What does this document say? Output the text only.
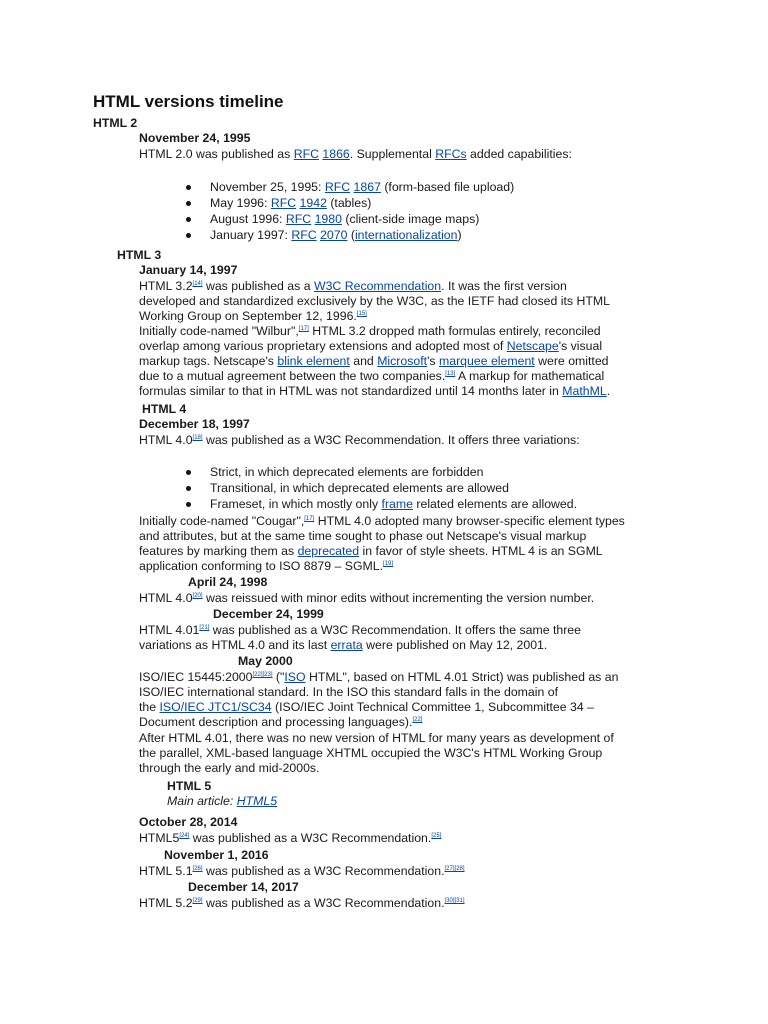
HTML versions timeline
HTML 2
November 24, 1995
HTML 2.0 was published as RFC 1866. Supplemental RFCs added capabilities:
November 25, 1995: RFC 1867 (form-based file upload)
May 1996: RFC 1942 (tables)
August 1996: RFC 1980 (client-side image maps)
January 1997: RFC 2070 (internationalization)
HTML 3
January 14, 1997
HTML 3.2[14] was published as a W3C Recommendation. It was the first version
developed and standardized exclusively by the W3C, as the IETF had closed its HTML
Working Group on September 12, 1996.[15]
Initially code-named "Wilbur",[17] HTML 3.2 dropped math formulas entirely, reconciled
overlap among various proprietary extensions and adopted most of Netscape's visual
markup tags. Netscape's blink element and Microsoft's marquee element were omitted
due to a mutual agreement between the two companies.[13] A markup for mathematical
formulas similar to that in HTML was not standardized until 14 months later in MathML.
HTML 4
December 18, 1997
HTML 4.0[18] was published as a W3C Recommendation. It offers three variations:
Strict, in which deprecated elements are forbidden
Transitional, in which deprecated elements are allowed
Frameset, in which mostly only frame related elements are allowed.
Initially code-named "Cougar",[17] HTML 4.0 adopted many browser-specific element types
and attributes, but at the same time sought to phase out Netscape's visual markup
features by marking them as deprecated in favor of style sheets. HTML 4 is an SGML
application conforming to ISO 8879 – SGML.[19]
April 24, 1998
HTML 4.0[20] was reissued with minor edits without incrementing the version number.
December 24, 1999
HTML 4.01[21] was published as a W3C Recommendation. It offers the same three
variations as HTML 4.0 and its last errata were published on May 12, 2001.
May 2000
ISO/IEC 15445:2000[22][23] ("ISO HTML", based on HTML 4.01 Strict) was published as an
ISO/IEC international standard. In the ISO this standard falls in the domain of
the ISO/IEC JTC1/SC34 (ISO/IEC Joint Technical Committee 1, Subcommittee 34 –
Document description and processing languages).[22]
After HTML 4.01, there was no new version of HTML for many years as development of
the parallel, XML-based language XHTML occupied the W3C's HTML Working Group
through the early and mid-2000s.
HTML 5
Main article: HTML5
October 28, 2014
HTML5[24] was published as a W3C Recommendation.[25]
November 1, 2016
HTML 5.1[26] was published as a W3C Recommendation.[27][28]
December 14, 2017
HTML 5.2[29] was published as a W3C Recommendation.[30][31]
